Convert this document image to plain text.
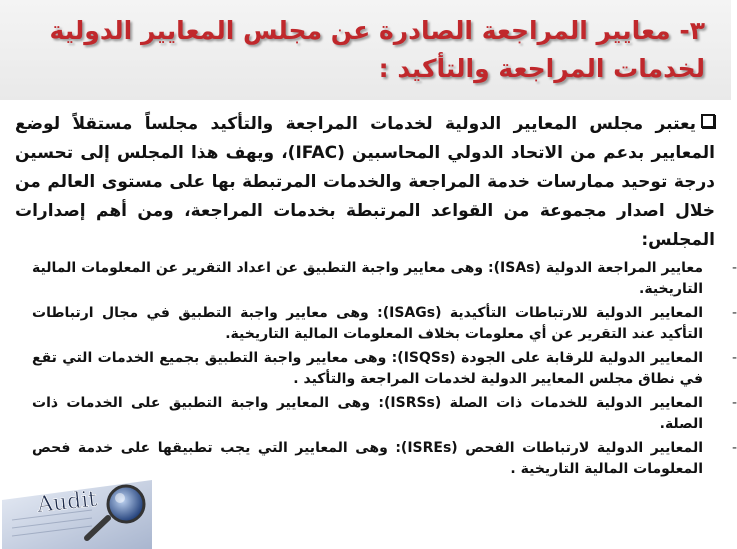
٣- معايير المراجعة الصادرة عن مجلس المعايير الدولية لخدمات المراجعة والتأكيد :

يعتبر مجلس المعايير الدولية لخدمات المراجعة والتأكيد مجلساً مستقلاً لوضع المعايير بدعم من الاتحاد الدولي المحاسبين (IFAC)، ويهف هذا المجلس إلى تحسين درجة توحيد ممارسات خدمة المراجعة والخدمات المرتبطة بها على مستوى العالم من خلال اصدار مجموعة من القواعد المرتبطة بخدمات المراجعة، ومن أهم إصدارات المجلس:

-
معايير المراجعة الدولية (ISAs): وهى معايير واجبة التطبيق عن اعداد التقرير عن المعلومات المالية التاريخية.
-
المعايير الدولية للارتباطات التأكيدية (ISAGs): وهى معايير واجبة التطبيق في مجال ارتباطات التأكيد عند التقرير عن أي معلومات بخلاف المعلومات المالية التاريخية.
-
المعايير الدولية للرقابة على الجودة (ISQSs): وهى معايير واجبة التطبيق بجميع الخدمات التي تقع في نطاق مجلس المعايير الدولية لخدمات المراجعة والتأكيد .
-
المعايير الدولية للخدمات ذات الصلة (ISRSs): وهى المعايير واجبة التطبيق على الخدمات ذات الصلة.
-
المعايير الدولية لارتباطات الفحص (ISREs): وهى المعايير التي يجب تطبيقها على خدمة فحص المعلومات المالية التاريخية .
Audit
